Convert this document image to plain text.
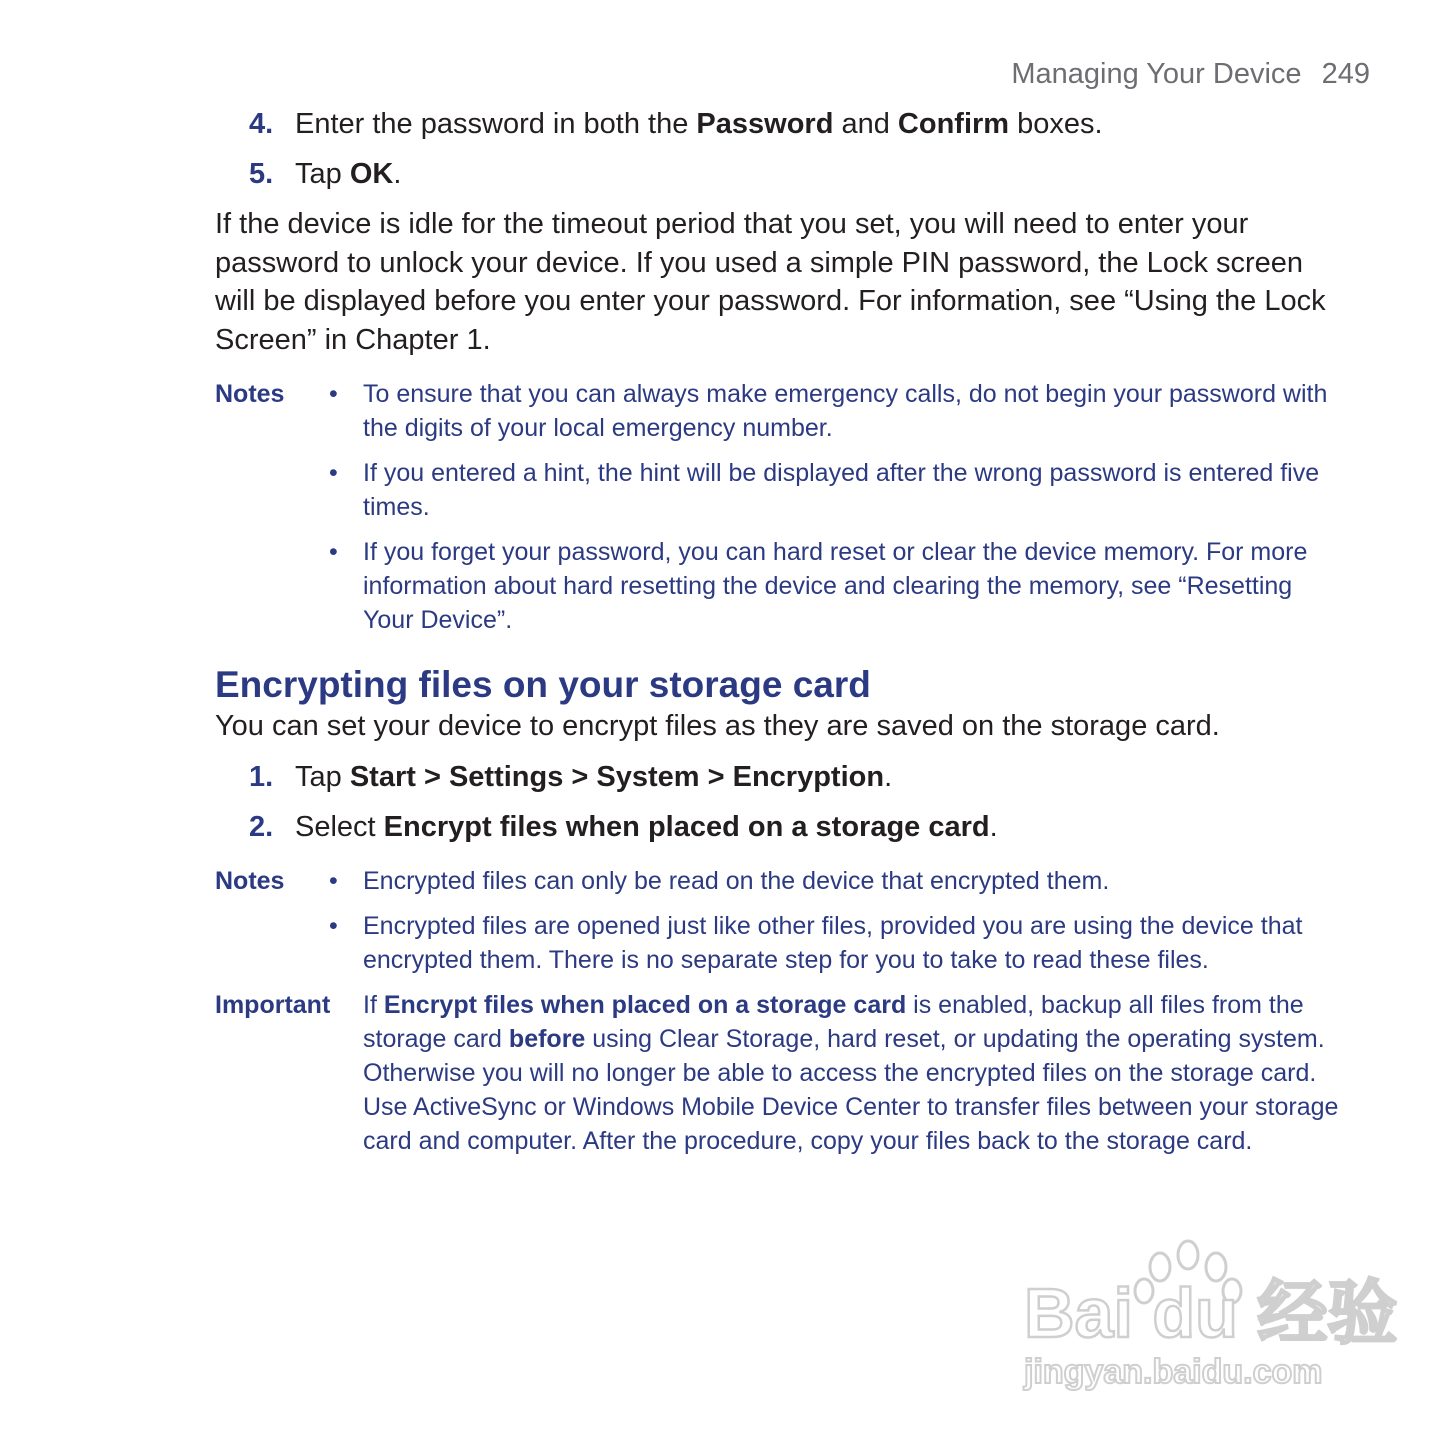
Managing Your Device 249
4. Enter the password in both the Password and Confirm boxes.
5. Tap OK.

If the device is idle for the timeout period that you set, you will need to enter your password to unlock your device. If you used a simple PIN password, the Lock screen will be displayed before you enter your password. For information, see “Using the Lock Screen” in Chapter 1.

Notes • To ensure that you can always make emergency calls, do not begin your password with the digits of your local emergency number.
• If you entered a hint, the hint will be displayed after the wrong password is entered five times.
• If you forget your password, you can hard reset or clear the device memory. For more information about hard resetting the device and clearing the memory, see “Resetting Your Device”.
Encrypting files on your storage card

You can set your device to encrypt files as they are saved on the storage card.

1. Tap Start > Settings > System > Encryption.
2. Select Encrypt files when placed on a storage card.
Notes • Encrypted files can only be read on the device that encrypted them.
• Encrypted files are opened just like other files, provided you are using the device that encrypted them. There is no separate step for you to take to read these files.
Important	If Encrypt files when placed on a storage card is enabled, backup all files from the storage card before using Clear Storage, hard reset, or updating the operating system. Otherwise you will no longer be able to access the encrypted files on the storage card. Use ActiveSync or Windows Mobile Device Center to transfer files between your storage card and computer. After the procedure, copy your files back to the storage card.
Bai du 经验
jingyan.baidu.com
